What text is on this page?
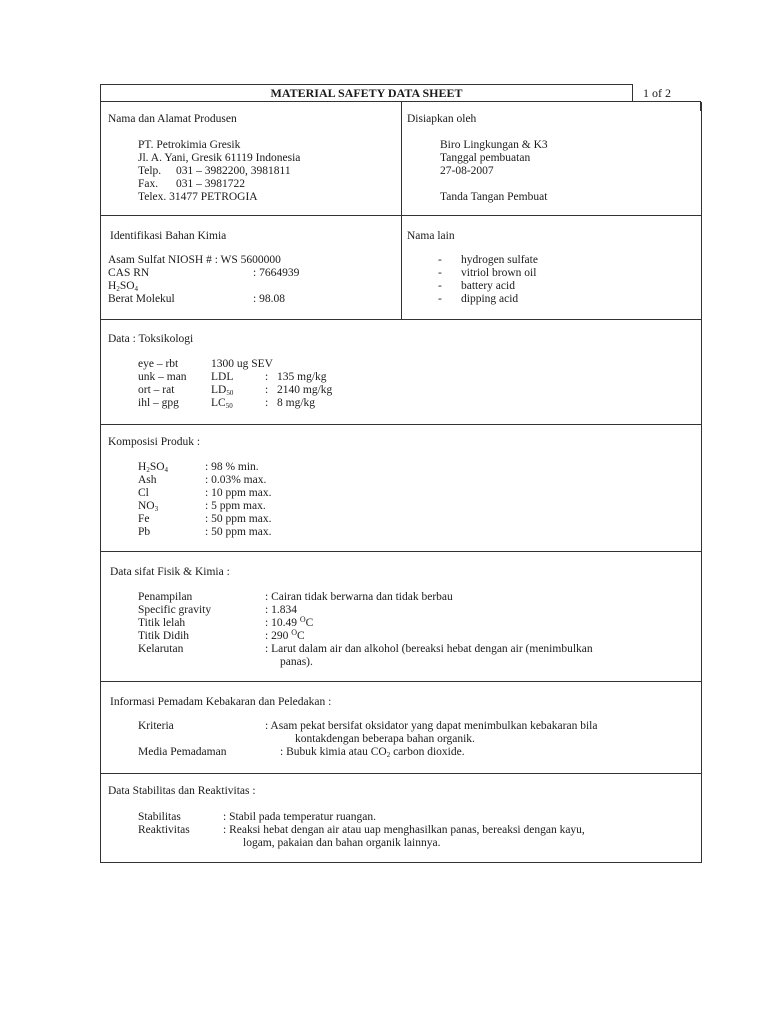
MATERIAL SAFETY DATA SHEET	1 of 2
Nama dan Alamat Produsen
PT. Petrokimia Gresik
Jl. A. Yani, Gresik 61119 Indonesia
Telp. 031 – 3982200, 3981811
Fax. 031 – 3981722
Telex. 31477 PETROGIA
Disiapkan oleh
Biro Lingkungan & K3
Tanggal pembuatan
27-08-2007
Tanda Tangan Pembuat
Identifikasi Bahan Kimia
Asam Sulfat NIOSH # : WS 5600000
CAS RN	: 7664939
$H_2SO_4$
Berat Molekul	: 98.08
Nama lain
- hydrogen sulfate
- vitriol brown oil
- battery acid
- dipping acid
Data : Toksikologi
eye – rbt	1300 ug SEV
unk – man LDL	: 135 mg/kg
ort – rat	$LD_{50}$	: 2140 mg/kg
ihl – gpg	$LC_{50}$	: 8 mg/kg
Komposisi Produk :
$H_2SO_4$	: 98 % min.
Ash	: 0.03% max.
Cl	: 10 ppm max.
$NO_3$	: 5 ppm max.
Fe	: 50 ppm max.
Pb	: 50 ppm max.
Data sifat Fisik & Kimia :
Penampilan	: Cairan tidak berwarna dan tidak berbau
Specific gravity	: 1.834
Titik lelah	: 10.49 $^O$C
Titik Didih	: 290 $^O$C
Kelarutan	: Larut dalam air dan alkohol (bereaksi hebat dengan air (menimbulkan
panas).
Informasi Pemadam Kebakaran dan Peledakan :
Kriteria	: Asam pekat bersifat oksidator yang dapat menimbulkan kebakaran bila
kontakdengan beberapa bahan organik.
Media Pemadaman	: Bubuk kimia atau $CO_2$ carbon dioxide.
Data Stabilitas dan Reaktivitas :
Stabilitas	: Stabil pada temperatur ruangan.
Reaktivitas	: Reaksi hebat dengan air atau uap menghasilkan panas, bereaksi dengan kayu,
logam, pakaian dan bahan organik lainnya.
